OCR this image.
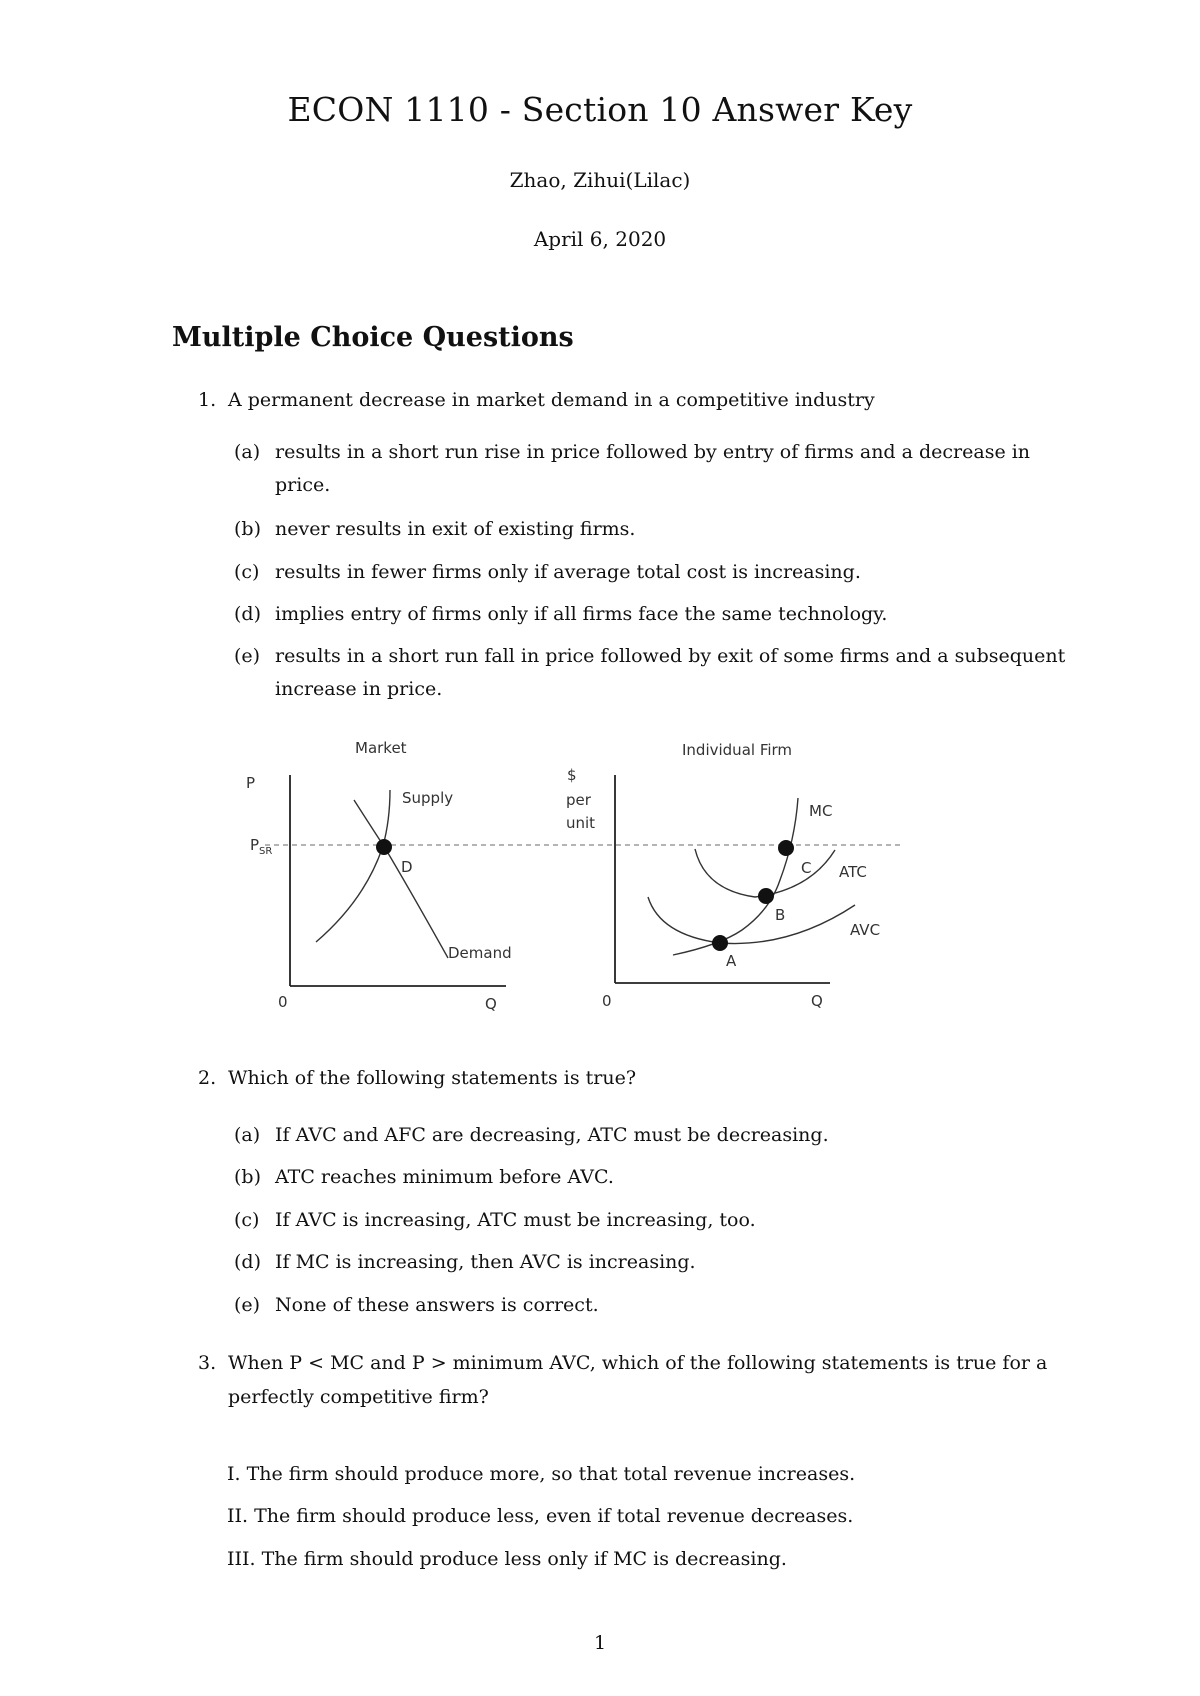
ECON 1110 - Section 10 Answer Key
Zhao, Zihui(Lilac)
April 6, 2020
Multiple Choice Questions
1. A permanent decrease in market demand in a competitive industry
(a) results in a short run rise in price followed by entry of firms and a decrease in price.
(b) never results in exit of existing firms.
(c) results in fewer firms only if average total cost is increasing.
(d) implies entry of firms only if all firms face the same technology.
(e) results in a short run fall in price followed by exit of some firms and a subsequent increase in price.
Market
P
$P_{SR}$
Supply
D
Demand
0	Q
Individual Firm
$
per
unit
MC
ATC
AVC
A
B
C
0	Q
2. Which of the following statements is true?
(a) If AVC and AFC are decreasing, ATC must be decreasing.
(b) ATC reaches minimum before AVC.
(c) If AVC is increasing, ATC must be increasing, too.
(d) If MC is increasing, then AVC is increasing.
(e) None of these answers is correct.
3. When P < MC and P > minimum AVC, which of the following statements is true for a perfectly competitive firm?
I. The firm should produce more, so that total revenue increases.
II. The firm should produce less, even if total revenue decreases.
III. The firm should produce less only if MC is decreasing.
1
